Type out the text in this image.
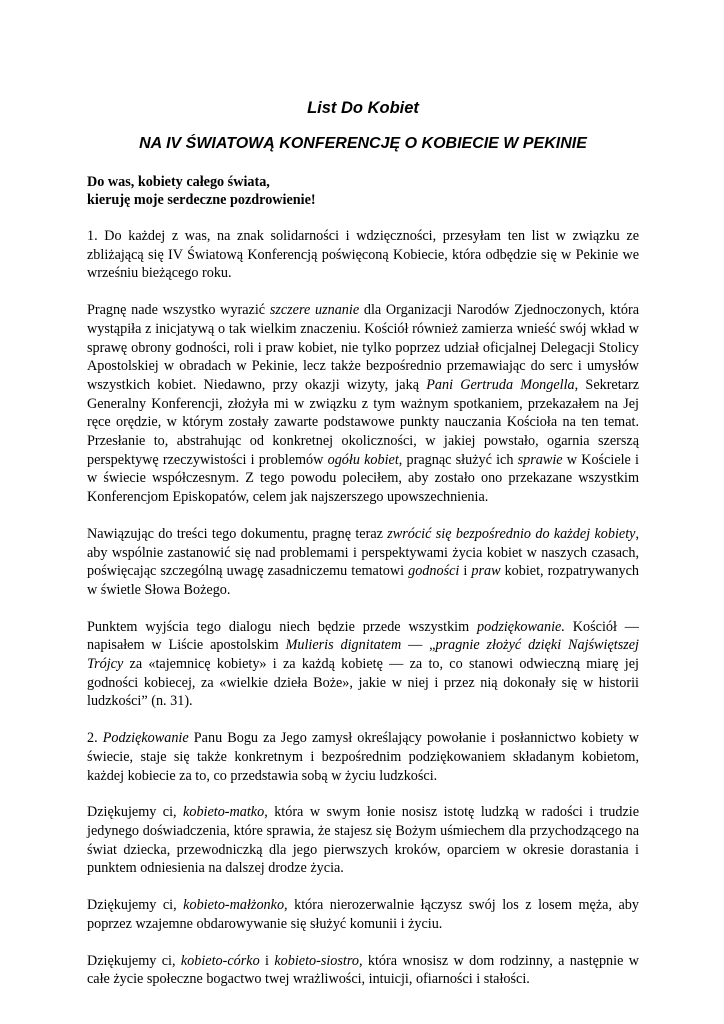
List Do Kobiet
NA IV ŚWIATOWĄ KONFERENCJĘ O KOBIECIE W PEKINIE
Do was, kobiety całego świata,
kieruję moje serdeczne pozdrowienie!

1. Do każdej z was, na znak solidarności i wdzięczności, przesyłam ten list w związku ze zbliżającą się IV Światową Konferencją poświęconą Kobiecie, która odbędzie się w Pekinie we wrześniu bieżącego roku.

Pragnę nade wszystko wyrazić szczere uznanie dla Organizacji Narodów Zjednoczonych, która wystąpiła z inicjatywą o tak wielkim znaczeniu. Kościół również zamierza wnieść swój wkład w sprawę obrony godności, roli i praw kobiet, nie tylko poprzez udział oficjalnej Delegacji Stolicy Apostolskiej w obradach w Pekinie, lecz także bezpośrednio przemawiając do serc i umysłów wszystkich kobiet. Niedawno, przy okazji wizyty, jaką Pani Gertruda Mongella, Sekretarz Generalny Konferencji, złożyła mi w związku z tym ważnym spotkaniem, przekazałem na Jej ręce orędzie, w którym zostały zawarte podstawowe punkty nauczania Kościoła na ten temat. Przesłanie to, abstrahując od konkretnej okoliczności, w jakiej powstało, ogarnia szerszą perspektywę rzeczywistości i problemów ogółu kobiet, pragnąc służyć ich sprawie w Kościele i w świecie współczesnym. Z tego powodu poleciłem, aby zostało ono przekazane wszystkim Konferencjom Episkopatów, celem jak najszerszego upowszechnienia.

Nawiązując do treści tego dokumentu, pragnę teraz zwrócić się bezpośrednio do każdej kobiety, aby wspólnie zastanowić się nad problemami i perspektywami życia kobiet w naszych czasach, poświęcając szczególną uwagę zasadniczemu tematowi godności i praw kobiet, rozpatrywanych w świetle Słowa Bożego.

Punktem wyjścia tego dialogu niech będzie przede wszystkim podziękowanie. Kościół — napisałem w Liście apostolskim Mulieris dignitatem — „pragnie złożyć dzięki Najświętszej Trójcy za «tajemnicę kobiety» i za każdą kobietę — za to, co stanowi odwieczną miarę jej godności kobiecej, za «wielkie dzieła Boże», jakie w niej i przez nią dokonały się w historii ludzkości” (n. 31).

2. Podziękowanie Panu Bogu za Jego zamysł określający powołanie i posłannictwo kobiety w świecie, staje się także konkretnym i bezpośrednim podziękowaniem składanym kobietom, każdej kobiecie za to, co przedstawia sobą w życiu ludzkości.

Dziękujemy ci, kobieto-matko, która w swym łonie nosisz istotę ludzką w radości i trudzie jedynego doświadczenia, które sprawia, że stajesz się Bożym uśmiechem dla przychodzącego na świat dziecka, przewodniczką dla jego pierwszych kroków, oparciem w okresie dorastania i punktem odniesienia na dalszej drodze życia.

Dziękujemy ci, kobieto-małżonko, która nierozerwalnie łączysz swój los z losem męża, aby poprzez wzajemne obdarowywanie się służyć komunii i życiu.

Dziękujemy ci, kobieto-córko i kobieto-siostro, która wnosisz w dom rodzinny, a następnie w całe życie społeczne bogactwo twej wrażliwości, intuicji, ofiarności i stałości.
